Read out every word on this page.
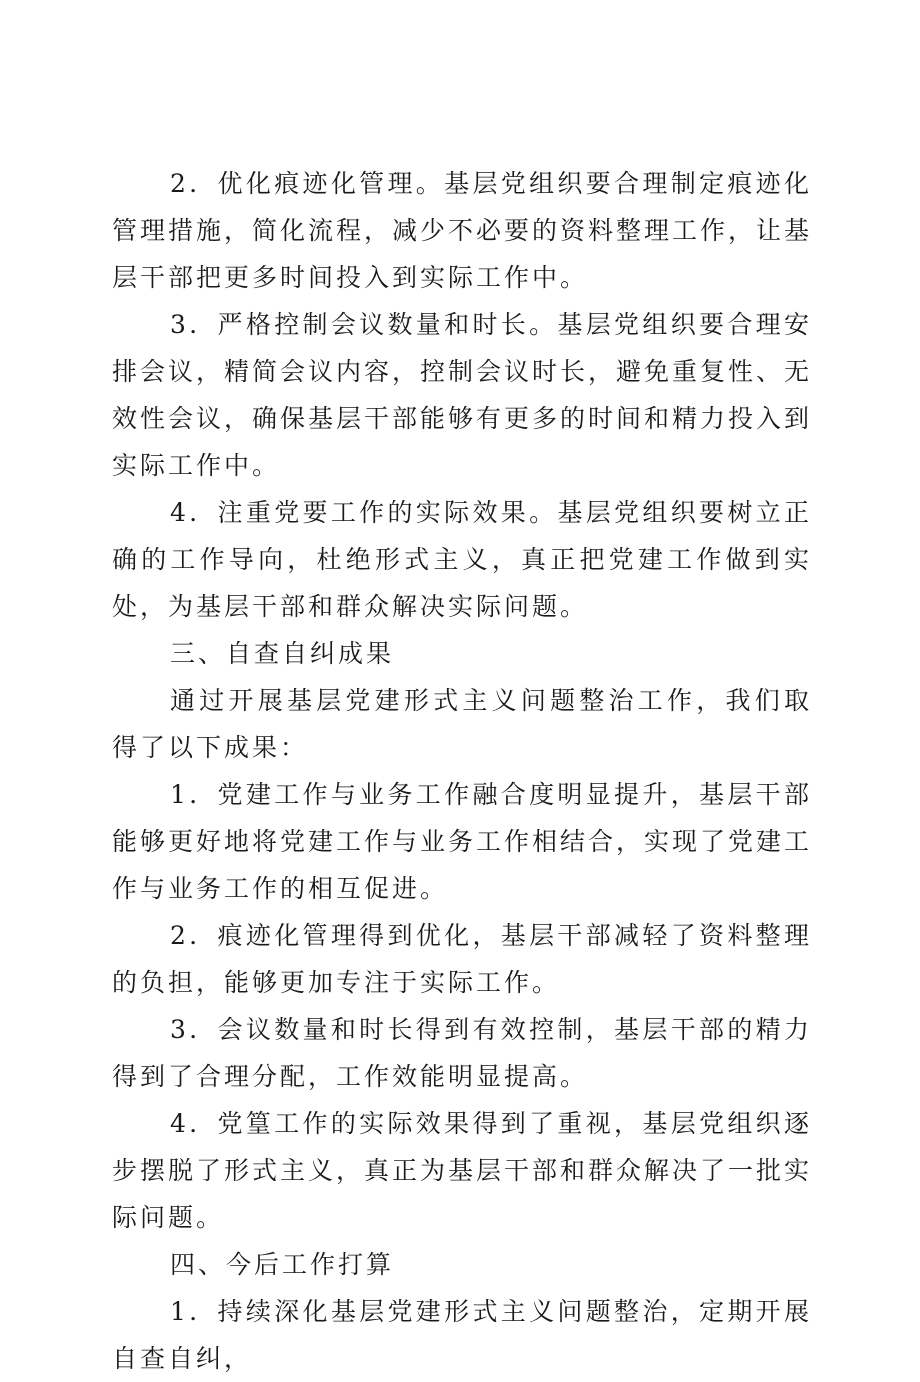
2．优化痕迹化管理。基层党组织要合理制定痕迹化管理措施，简化流程，减少不必要的资料整理工作，让基层干部把更多时间投入到实际工作中。

3．严格控制会议数量和时长。基层党组织要合理安排会议，精简会议内容，控制会议时长，避免重复性、无效性会议，确保基层干部能够有更多的时间和精力投入到实际工作中。

4．注重党要工作的实际效果。基层党组织要树立正确的工作导向，杜绝形式主义，真正把党建工作做到实处，为基层干部和群众解决实际问题。

三、自查自纠成果

通过开展基层党建形式主义问题整治工作，我们取得了以下成果：

1．党建工作与业务工作融合度明显提升，基层干部能够更好地将党建工作与业务工作相结合，实现了党建工作与业务工作的相互促进。

2．痕迹化管理得到优化，基层干部减轻了资料整理的负担，能够更加专注于实际工作。

3．会议数量和时长得到有效控制，基层干部的精力得到了合理分配，工作效能明显提高。

4．党篁工作的实际效果得到了重视，基层党组织逐步摆脱了形式主义，真正为基层干部和群众解决了一批实际问题。

四、今后工作打算

1．持续深化基层党建形式主义问题整治，定期开展自查自纠，
